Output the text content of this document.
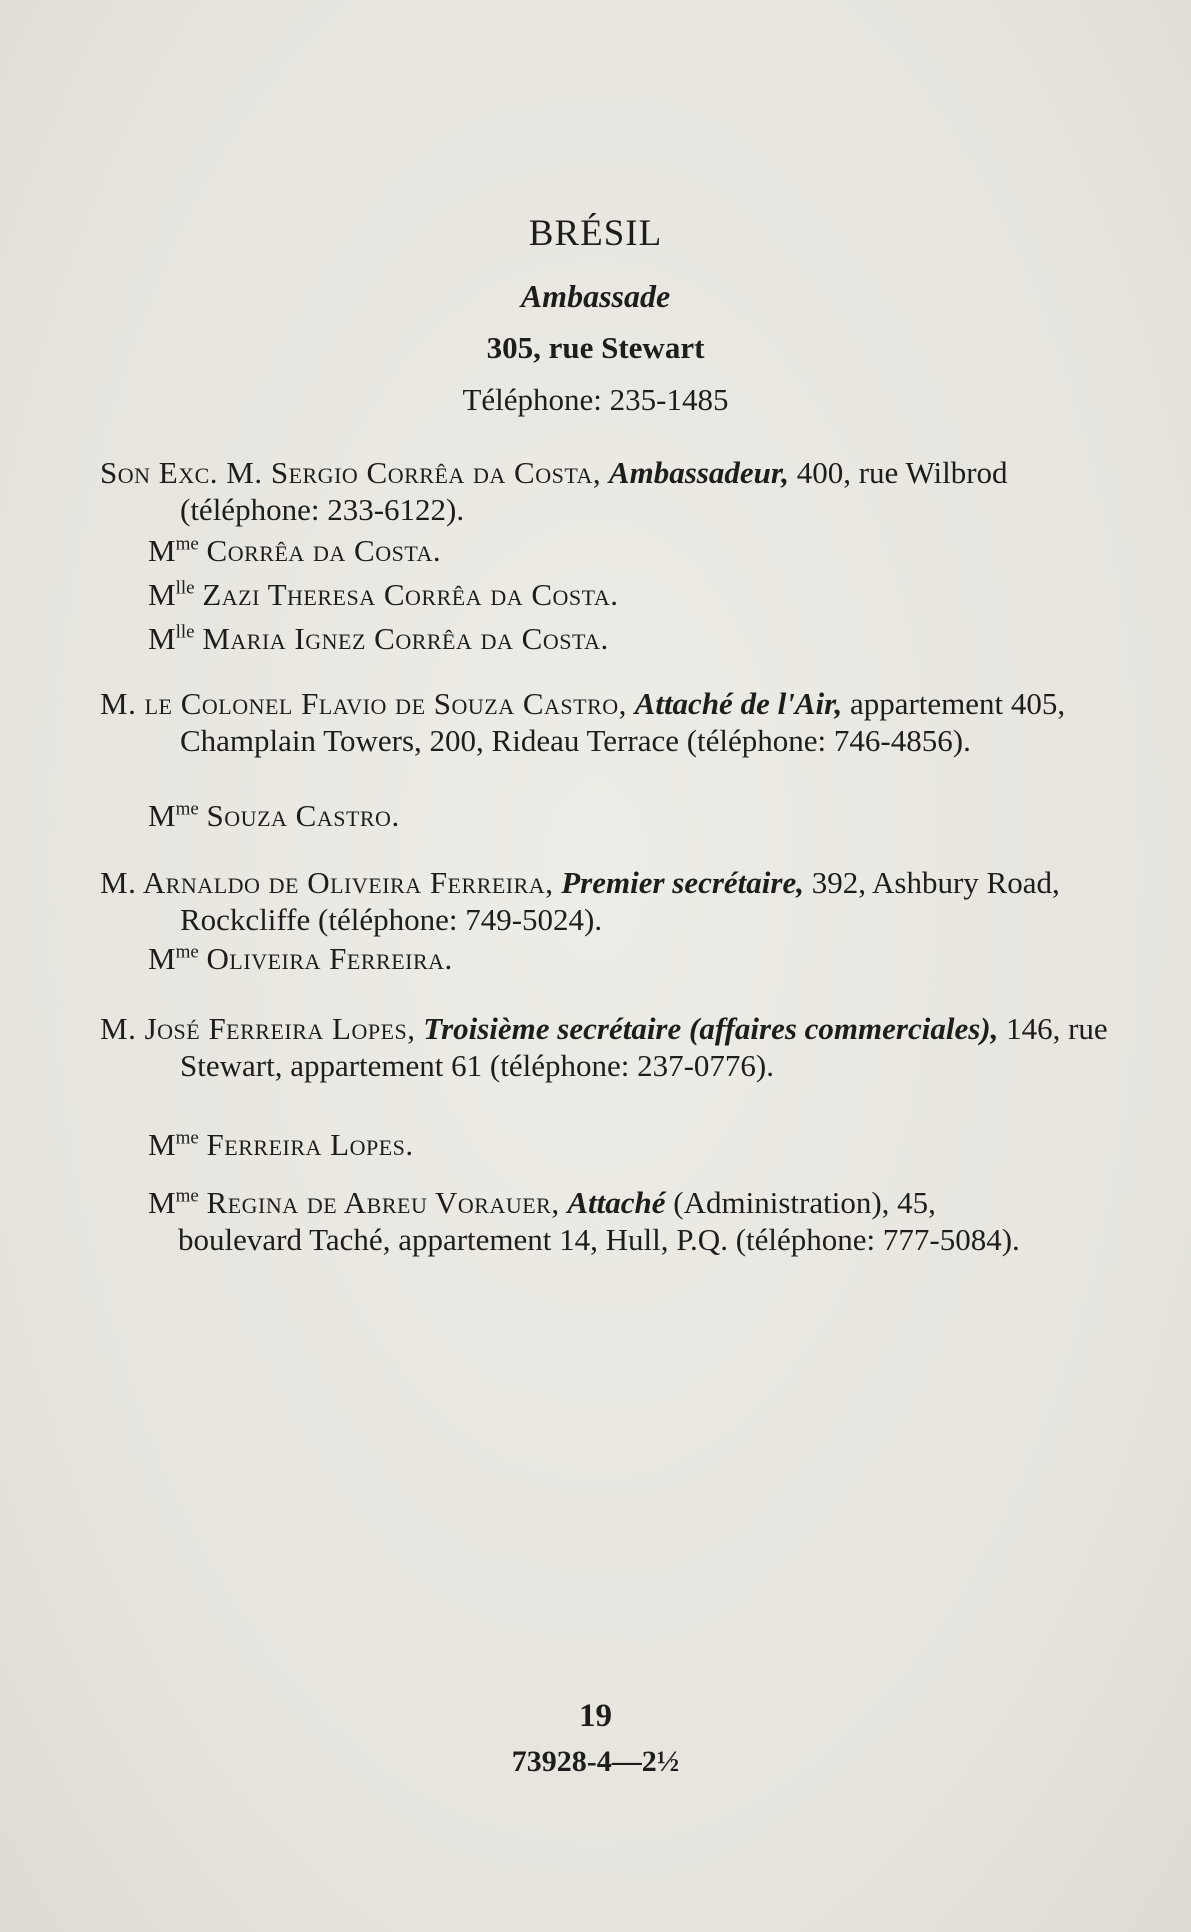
BRÉSIL
Ambassade
305, rue Stewart
Téléphone: 235-1485
Son Exc. M. Sergio Corrêa da Costa, Ambassadeur, 400, rue Wilbrod (téléphone: 233-6122).
$M^{me}$ Corrêa da Costa.
$M^{lle}$ Zazi Theresa Corrêa da Costa.
$M^{lle}$ Maria Ignez Corrêa da Costa.
M. le Colonel Flavio de Souza Castro, Attaché de l'Air, appartement 405, Champlain Towers, 200, Rideau Terrace (téléphone: 746-4856).
$M^{me}$ Souza Castro.
M. Arnaldo de Oliveira Ferreira, Premier secrétaire, 392, Ashbury Road, Rockcliffe (téléphone: 749-5024).
$M^{me}$ Oliveira Ferreira.
M. José Ferreira Lopes, Troisième secrétaire (affaires commerciales), 146, rue Stewart, appartement 61 (téléphone: 237-0776).
$M^{me}$ Ferreira Lopes.
$M^{me}$ Regina de Abreu Vorauer, Attaché (Administration), 45, boulevard Taché, appartement 14, Hull, P.Q. (téléphone: 777-5084).
19
73928-4—2½
